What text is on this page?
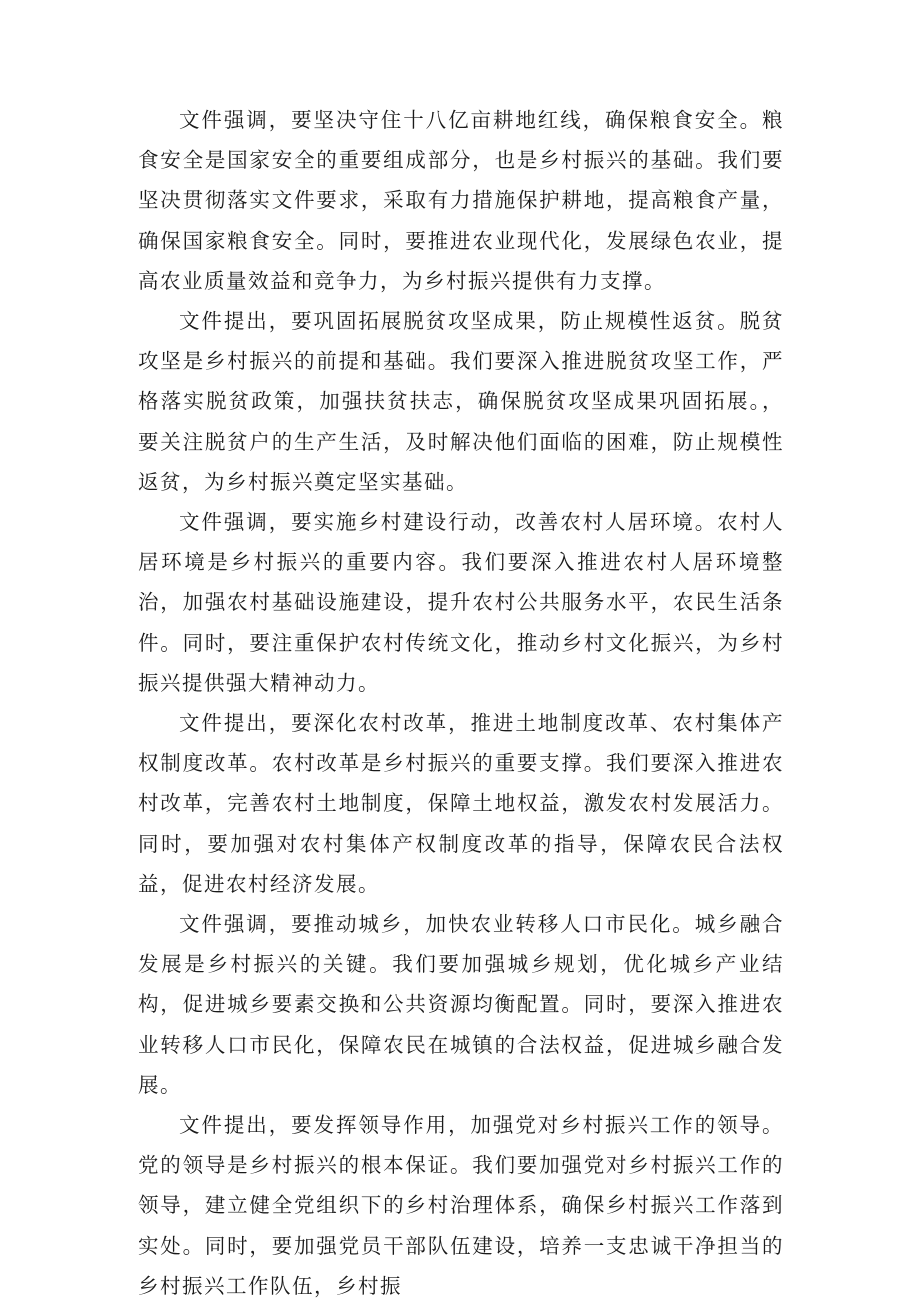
文件强调，要坚决守住十八亿亩耕地红线，确保粮食安全。粮食安全是国家安全的重要组成部分，也是乡村振兴的基础。我们要坚决贯彻落实文件要求，采取有力措施保护耕地，提高粮食产量，确保国家粮食安全。同时，要推进农业现代化，发展绿色农业，提高农业质量效益和竞争力，为乡村振兴提供有力支撑。

文件提出，要巩固拓展脱贫攻坚成果，防止规模性返贫。脱贫攻坚是乡村振兴的前提和基础。我们要深入推进脱贫攻坚工作，严格落实脱贫政策，加强扶贫扶志，确保脱贫攻坚成果巩固拓展。，要关注脱贫户的生产生活，及时解决他们面临的困难，防止规模性返贫，为乡村振兴奠定坚实基础。

文件强调，要实施乡村建设行动，改善农村人居环境。农村人居环境是乡村振兴的重要内容。我们要深入推进农村人居环境整治，加强农村基础设施建设，提升农村公共服务水平，农民生活条件。同时，要注重保护农村传统文化，推动乡村文化振兴，为乡村振兴提供强大精神动力。

文件提出，要深化农村改革，推进土地制度改革、农村集体产权制度改革。农村改革是乡村振兴的重要支撑。我们要深入推进农村改革，完善农村土地制度，保障土地权益，激发农村发展活力。同时，要加强对农村集体产权制度改革的指导，保障农民合法权益，促进农村经济发展。

文件强调，要推动城乡，加快农业转移人口市民化。城乡融合发展是乡村振兴的关键。我们要加强城乡规划，优化城乡产业结构，促进城乡要素交换和公共资源均衡配置。同时，要深入推进农业转移人口市民化，保障农民在城镇的合法权益，促进城乡融合发展。

文件提出，要发挥领导作用，加强党对乡村振兴工作的领导。党的领导是乡村振兴的根本保证。我们要加强党对乡村振兴工作的领导，建立健全党组织下的乡村治理体系，确保乡村振兴工作落到实处。同时，要加强党员干部队伍建设，培养一支忠诚干净担当的乡村振兴工作队伍，乡村振
